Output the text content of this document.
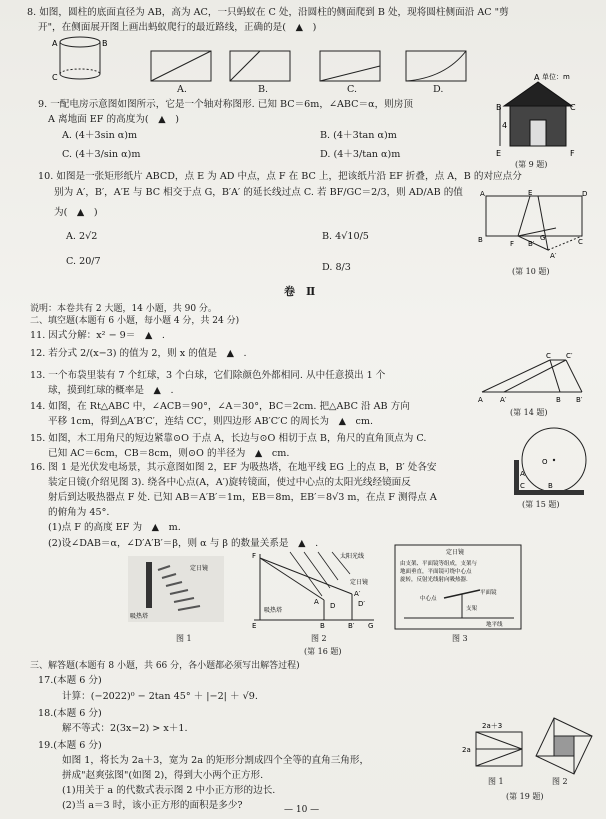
8. 如图，圆柱的底面直径为 AB，高为 AC，一只蚂蚁在 C 处，沿圆柱的侧面爬到 B 处，现将圆柱侧面沿 AC "剪
开"，在侧面展开图上画出蚂蚁爬行的最近路线，正确的是(　▲　)
A	B
C
A.	B.	C.	D.
9. 一配电房示意图如图所示，它是一个轴对称图形. 已知 BC＝6m，∠ABC＝α，则房顶
A 离地面 EF 的高度为(　▲　)
A. (4＋3sin α)m	B. (4＋3tan α)m
C. (4＋3/sin α)m	D. (4＋3/tan α)m
单位：m
A
B	C
4
E	F
(第 9 题)
10. 如图是一张矩形纸片 ABCD，点 E 为 AD 中点，点 F 在 BC 上，把该纸片沿 EF 折叠，点 A，B 的对应点分
别为 A′，B′，A′E 与 BC 相交于点 G，B′A′ 的延长线过点 C. 若 BF/GC＝2/3，则 AD/AB 的值
为(　▲　)
A. 2√2	B. 4√10/5
C. 20/7
D. 8/3
A	E	D
B	F B′
G	C
A′
(第 10 题)
卷　Ⅱ
说明：本卷共有 2 大题，14 小题，共 90 分。
二、填空题(本题有 6 小题，每小题 4 分，共 24 分)
11. 因式分解：x² − 9＝　▲　.
12. 若分式 2/(x−3) 的值为 2，则 x 的值是　▲　.
13. 一个布袋里装有 7 个红球，3 个白球，它们除颜色外都相同. 从中任意摸出 1 个
球，摸到红球的概率是　▲　.
14. 如图，在 Rt△ABC 中，∠ACB＝90°，∠A＝30°，BC＝2cm. 把△ABC 沿 AB 方向
平移 1cm，得到△A′B′C′，连结 CC′，则四边形 AB′C′C 的周长为　▲　cm.
A A′	B B′
C C′
(第 14 题)
15. 如图，木工用角尺的短边紧靠⊙O 于点 A，长边与⊙O 相切于点 B，角尺的直角顶点为 C.
已知 AC＝6cm，CB＝8cm，则⊙O 的半径为　▲　cm.
O
A
B
C
(第 15 题)
16. 图 1 是光伏发电场景，其示意图如图 2，EF 为吸热塔，在地平线 EG 上的点 B，B′ 处各安
装定日镜(介绍见图 3). 绕各中心点(A，A′)旋转镜面，使过中心点的太阳光线经镜面反
射后到达吸热器点 F 处. 已知 AB＝A′B′＝1m，EB＝8m，EB′＝8√3 m，在点 F 测得点 A
的俯角为 45°.
(1)点 F 的高度 EF 为　▲　m.
(2)设∠DAB＝α，∠D′A′B′＝β，则 α 与 β 的数量关系是　▲　.
定日镜
吸热塔
图 1
F
E	B	B′ G
A
A′
D	D′
太阳光线
定日镜
吸热塔
图 2
(第 16 题)
定日镜
由支架、平面镜等组成，支架与
地面垂直，平面镜可绕中心点
旋转，反射光线射向吸热器.
中心点
平面镜
支架
地平线
图 3
三、解答题(本题有 8 小题，共 66 分，各小题都必须写出解答过程)
17.(本题 6 分)
计算：(−2022)⁰ − 2tan 45° ＋ |−2| ＋ √9.
18.(本题 6 分)
解不等式：2(3x−2) > x＋1.
19.(本题 6 分)
如图 1，将长为 2a＋3，宽为 2a 的矩形分割成四个全等的直角三角形，
拼成"赵爽弦图"(如图 2)，得到大小两个正方形.
(1)用关于 a 的代数式表示图 2 中小正方形的边长.
(2)当 a＝3 时，该小正方形的面积是多少?
2a＋3
2a
图 1	图 2
(第 19 题)
— 10 —
